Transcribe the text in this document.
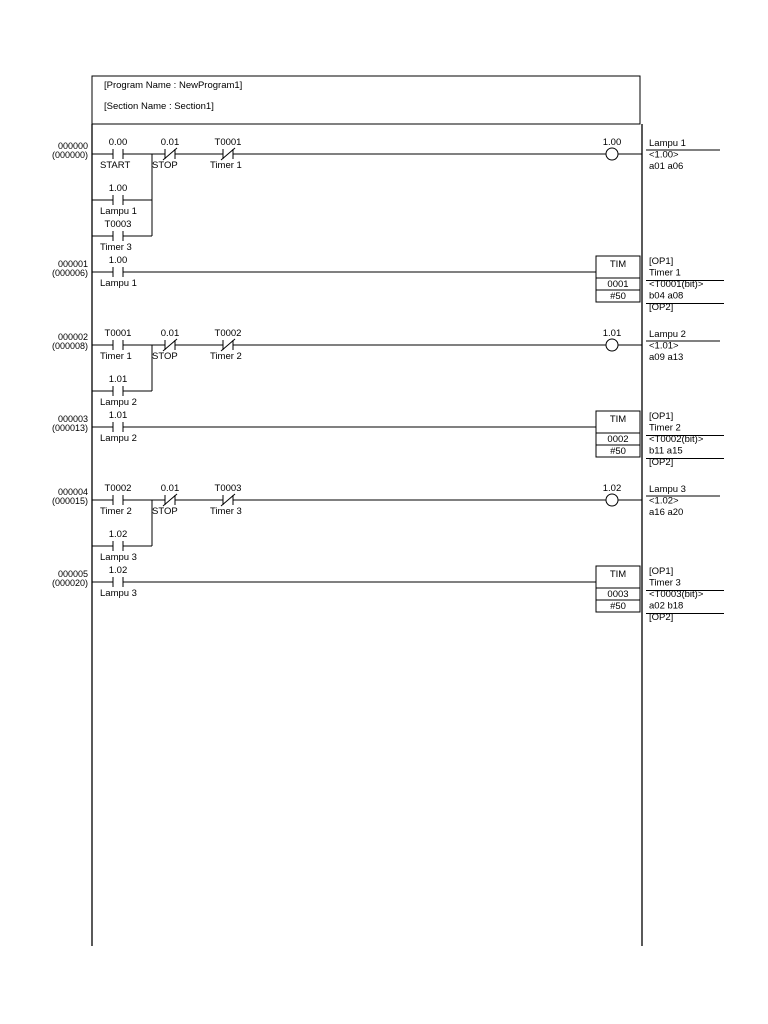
[Program Name : NewProgram1]
[Section Name : Section1]
000000
(000000)
0.00
START
0.01
STOP
T0001
Timer 1
1.00
Lampu 1
T0003
Timer 3
1.00	Lampu 1
<1.00>
a01 a06
000001
(000006)
1.00
Lampu 1
TIM
0001
#50
[OP1]
Timer 1
<T0001(bit)>
b04 a08
[OP2]
000002
(000008)
T0001
Timer 1
0.01
STOP
T0002
Timer 2
1.01
Lampu 2
1.01	Lampu 2
<1.01>
a09 a13
000003
(000013)
1.01
Lampu 2
TIM
0002
#50
[OP1]
Timer 2
<T0002(bit)>
b11 a15
[OP2]
000004
(000015)
T0002
Timer 2
0.01
STOP
T0003
Timer 3
1.02
Lampu 3
1.02	Lampu 3
<1.02>
a16 a20
000005
(000020)
1.02
Lampu 3
TIM
0003
#50
[OP1]
Timer 3
<T0003(bit)>
a02 b18
[OP2]
